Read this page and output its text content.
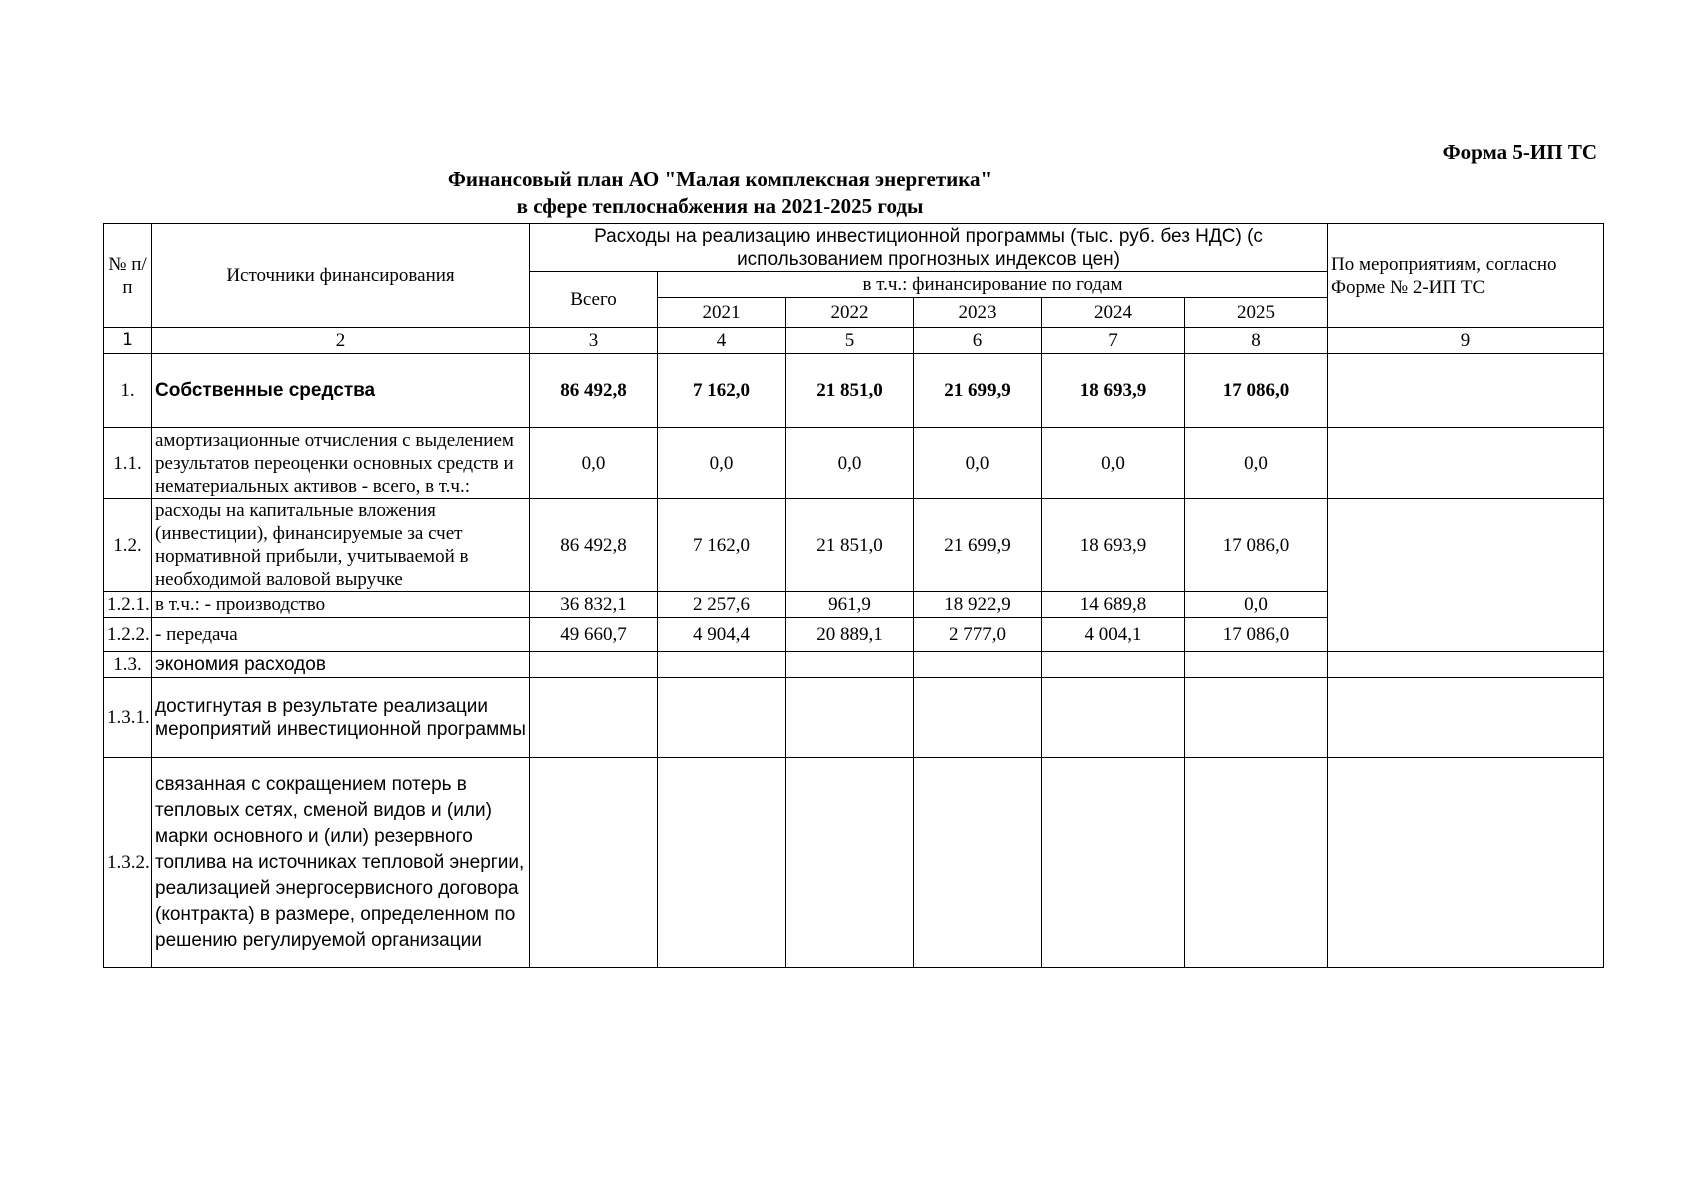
Форма 5-ИП ТС
Финансовый план АО "Малая комплексная энергетика"
в сфере теплоснабжения на 2021-2025 годы
№ п/п	Источники финансирования	Расходы на реализацию инвестиционной программы (тыс. руб. без НДС) (с использованием прогнозных индексов цен)						По мероприятиям, согласно Форме № 2-ИП ТС
		Всего	в т.ч.: финансирование по годам					
			2021	2022	2023	2024	2025	
1	2	3	4	5	6	7	8	9
1.	Собственные средства	86 492,8	7 162,0	21 851,0	21 699,9	18 693,9	17 086,0	
1.1.	амортизационные отчисления с выделением результатов переоценки основных средств и нематериальных активов - всего, в т.ч.:	0,0	0,0	0,0	0,0	0,0	0,0	
1.2.	расходы на капитальные вложения (инвестиции), финансируемые за счет нормативной прибыли, учитываемой в необходимой валовой выручке	86 492,8	7 162,0	21 851,0	21 699,9	18 693,9	17 086,0	
1.2.1.	в т.ч.: - производство	36 832,1	2 257,6	961,9	18 922,9	14 689,8	0,0	
1.2.2.	- передача	49 660,7	4 904,4	20 889,1	2 777,0	4 004,1	17 086,0	
1.3.	экономия расходов							
1.3.1.	достигнутая в результате реализации мероприятий инвестиционной программы							
1.3.2.	связанная с сокращением потерь в тепловых сетях, сменой видов и (или) марки основного и (или) резервного топлива на источниках тепловой энергии, реализацией энергосервисного договора (контракта) в размере, определенном по решению регулируемой организации							
